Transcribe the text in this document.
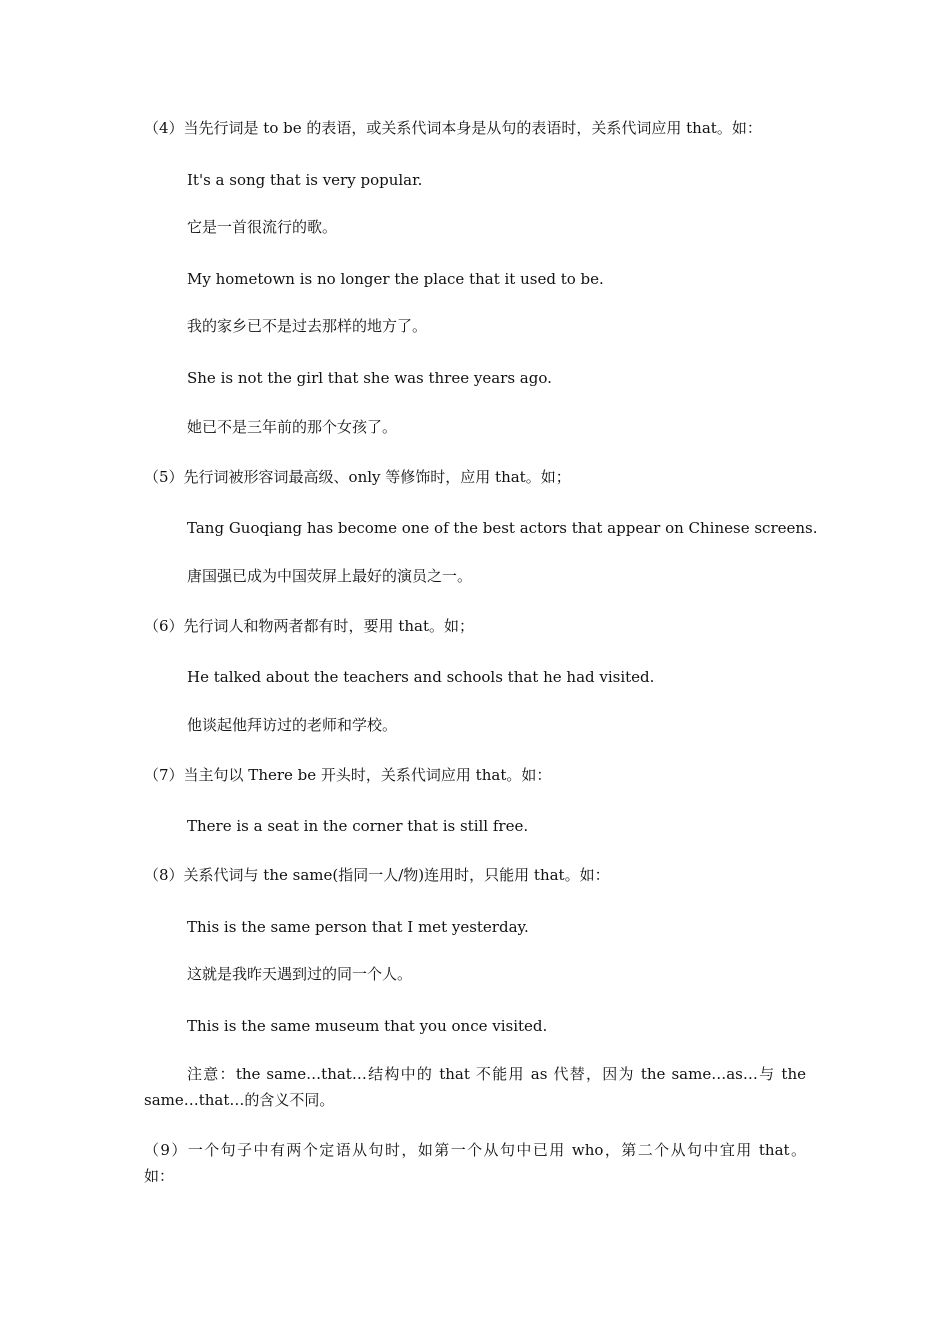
（4）当先行词是 to be 的表语，或关系代词本身是从句的表语时，关系代词应用 that。如：
It's a song that is very popular.
它是一首很流行的歌。
My hometown is no longer the place that it used to be.
我的家乡已不是过去那样的地方了。
She is not the girl that she was three years ago.
她已不是三年前的那个女孩了。
（5）先行词被形容词最高级、only 等修饰时，应用 that。如；
Tang Guoqiang has become one of the best actors that appear on Chinese screens.
唐国强已成为中国荧屏上最好的演员之一。
（6）先行词人和物两者都有时，要用 that。如；
He talked about the teachers and schools that he had visited.
他谈起他拜访过的老师和学校。
（7）当主句以 There be 开头时，关系代词应用 that。如：
There is a seat in the corner that is still free.
（8）关系代词与 the same(指同一人/物)连用时，只能用 that。如：
This is the same person that I met yesterday.
这就是我昨天遇到过的同一个人。
This is the same museum that you once visited.
注意：the same…that…结构中的 that 不能用 as 代替，因为 the same…as…与 the
same…that…的含义不同。
（9）一个句子中有两个定语从句时，如第一个从句中已用 who，第二个从句中宜用 that。
如：
